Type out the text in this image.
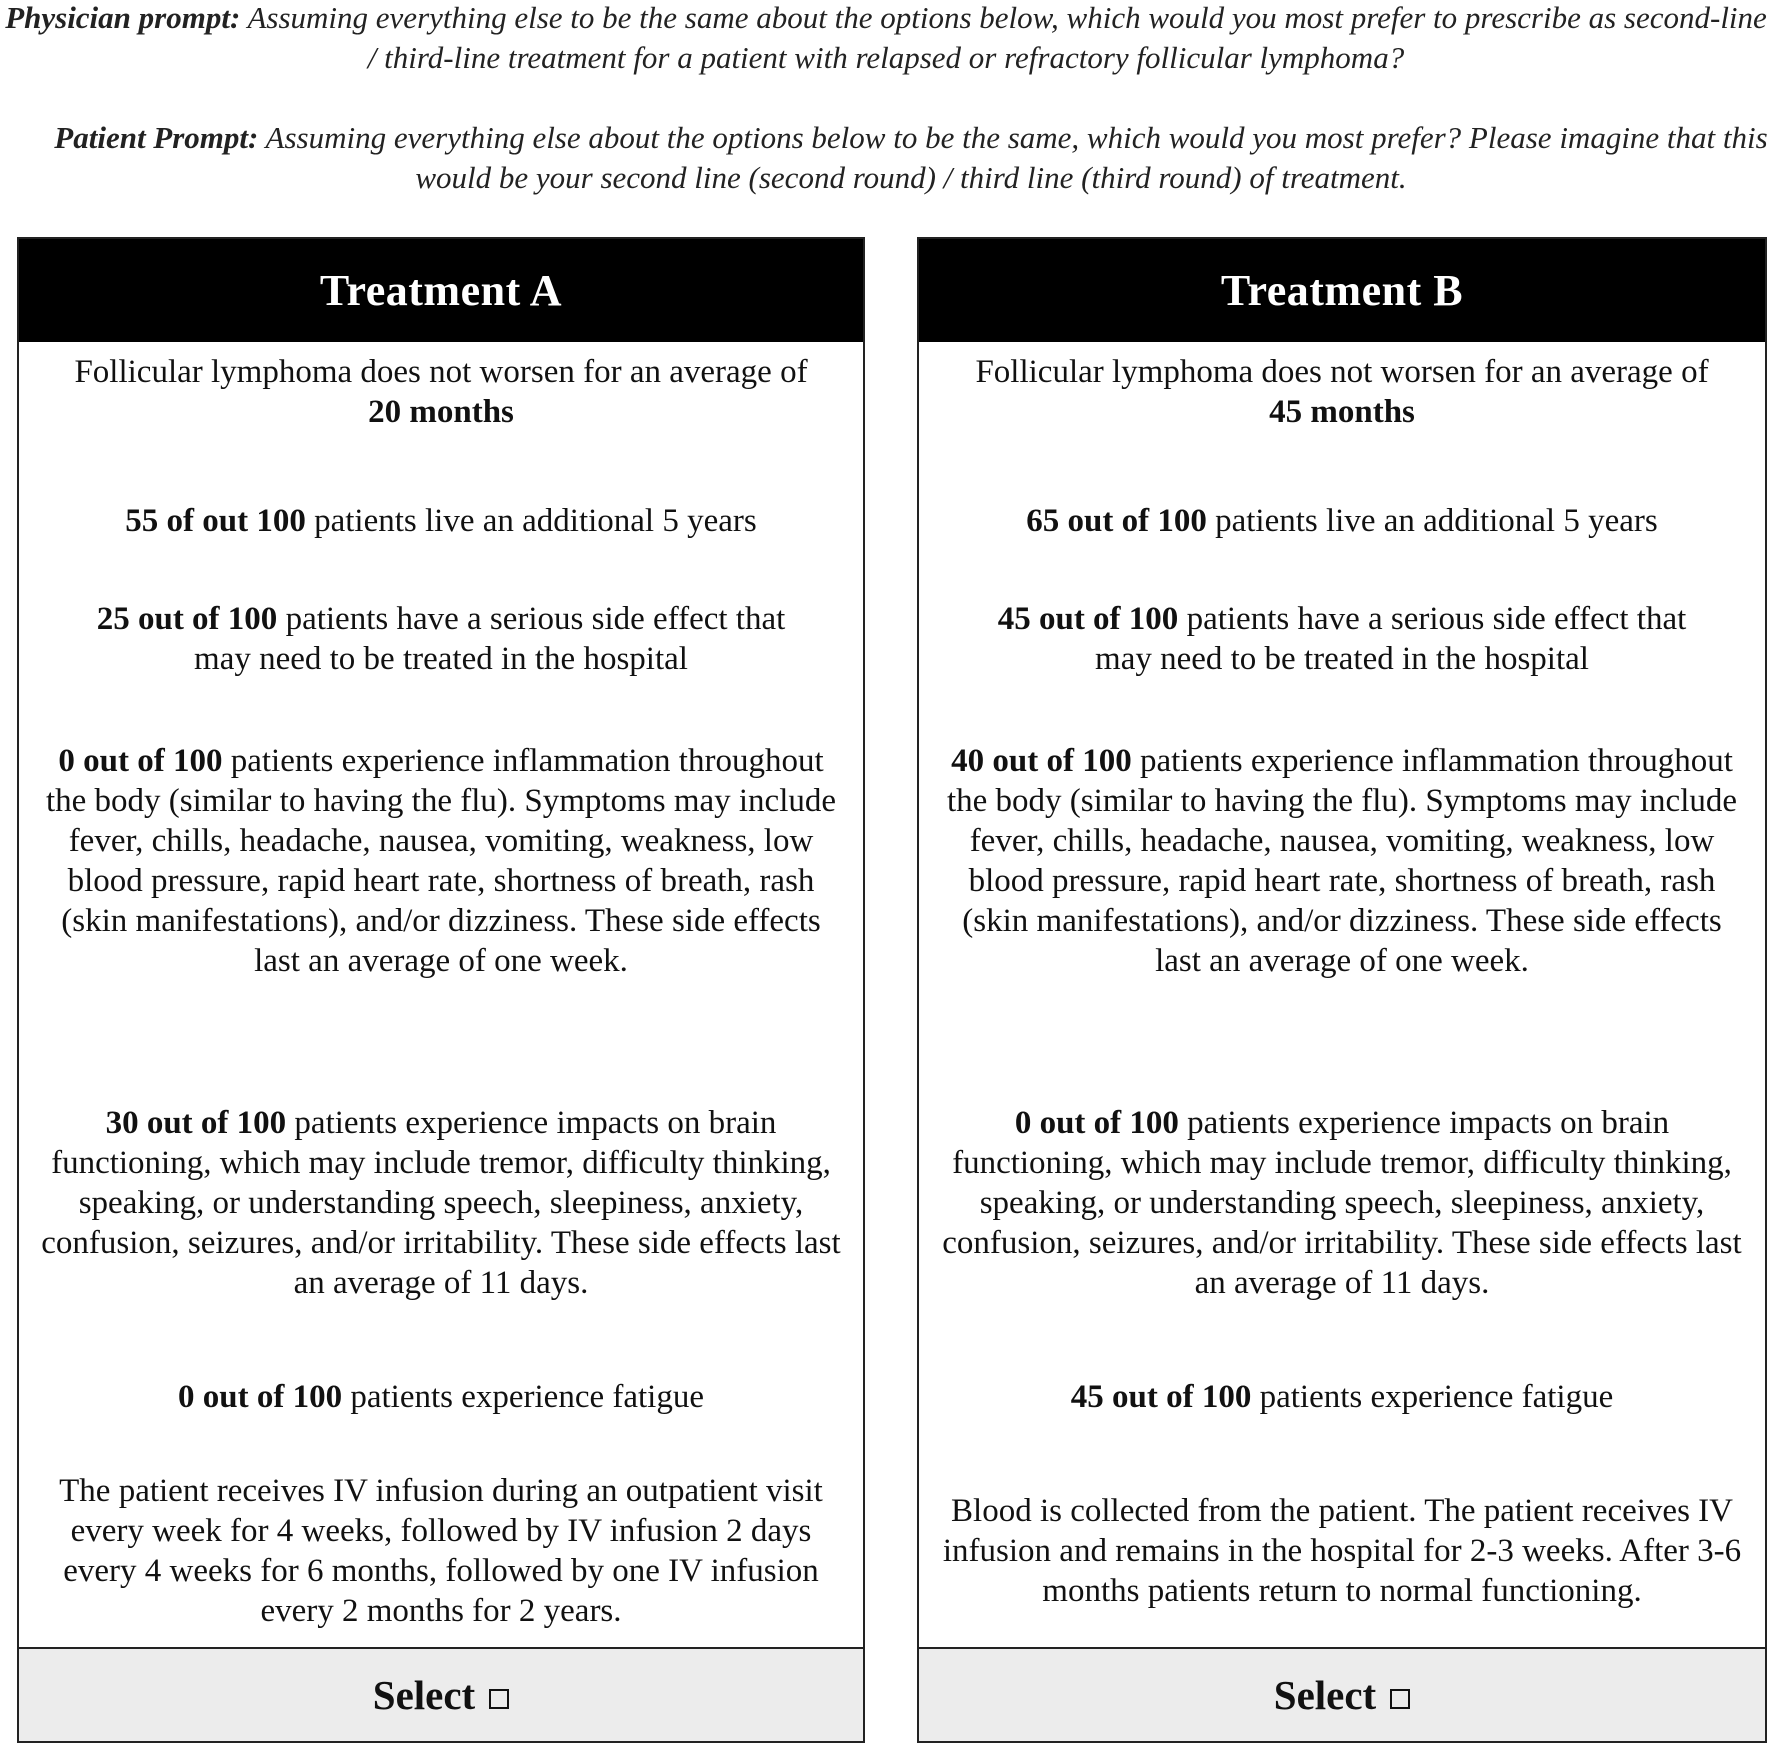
Physician prompt: Assuming everything else to be the same about the options below, which would you most prefer to prescribe as second-line / third-line treatment for a patient with relapsed or refractory follicular lymphoma?
Patient Prompt: Assuming everything else about the options below to be the same, which would you most prefer? Please imagine that this would be your second line (second round) / third line (third round) of treatment.
Treatment A
Follicular lymphoma does not worsen for an average of
20 months
55 of out 100 patients live an additional 5 years
25 out of 100 patients have a serious side effect that may need to be treated in the hospital
0 out of 100 patients experience inflammation throughout the body (similar to having the flu). Symptoms may include fever, chills, headache, nausea, vomiting, weakness, low blood pressure, rapid heart rate, shortness of breath, rash (skin manifestations), and/or dizziness. These side effects last an average of one week.
30 out of 100 patients experience impacts on brain functioning, which may include tremor, difficulty thinking, speaking, or understanding speech, sleepiness, anxiety, confusion, seizures, and/or irritability. These side effects last an average of 11 days.
0 out of 100 patients experience fatigue
The patient receives IV infusion during an outpatient visit every week for 4 weeks, followed by IV infusion 2 days every 4 weeks for 6 months, followed by one IV infusion every 2 months for 2 years.
Select
Treatment B
Follicular lymphoma does not worsen for an average of
45 months
65 out of 100 patients live an additional 5 years
45 out of 100 patients have a serious side effect that may need to be treated in the hospital
40 out of 100 patients experience inflammation throughout the body (similar to having the flu). Symptoms may include fever, chills, headache, nausea, vomiting, weakness, low blood pressure, rapid heart rate, shortness of breath, rash (skin manifestations), and/or dizziness. These side effects last an average of one week.
0 out of 100 patients experience impacts on brain functioning, which may include tremor, difficulty thinking, speaking, or understanding speech, sleepiness, anxiety, confusion, seizures, and/or irritability. These side effects last an average of 11 days.
45 out of 100 patients experience fatigue
Blood is collected from the patient. The patient receives IV infusion and remains in the hospital for 2-3 weeks. After 3-6 months patients return to normal functioning.
Select
